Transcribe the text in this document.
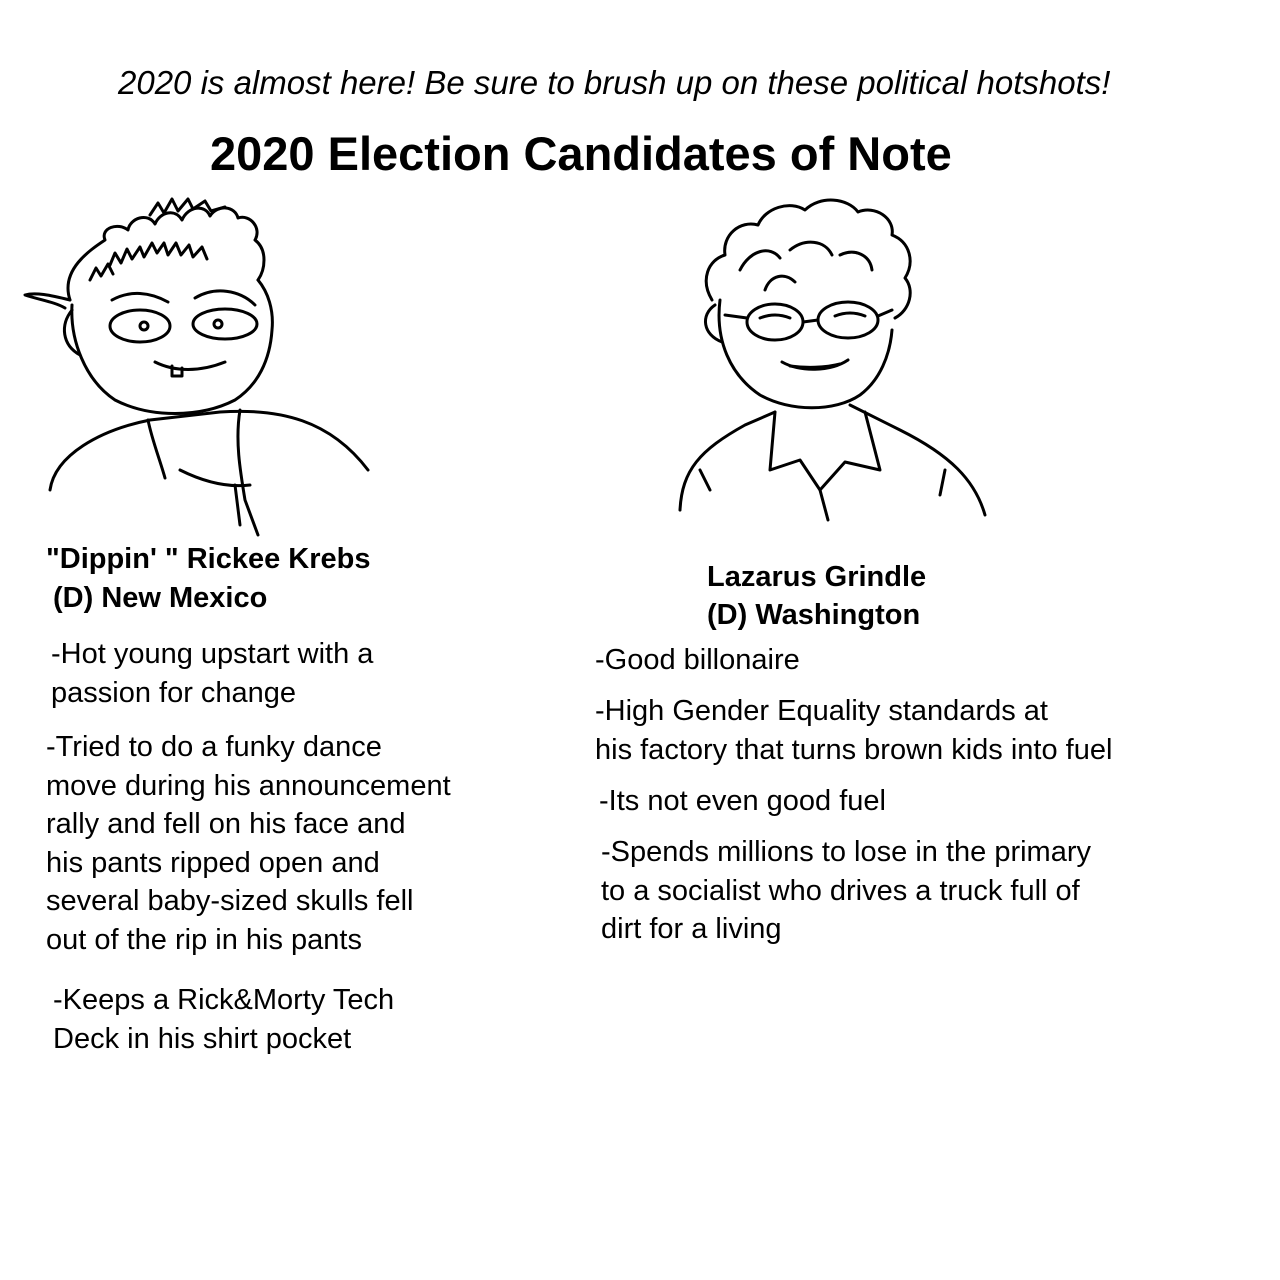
2020 is almost here! Be sure to brush up on these political hotshots!
2020 Election Candidates of Note
"Dippin' " Rickee Krebs
(D) New Mexico
-Hot young upstart with a
passion for change
-Tried to do a funky dance
move during his announcement
rally and fell on his face and
his pants ripped open and
several baby-sized skulls fell
out of the rip in his pants
-Keeps a Rick&Morty Tech
Deck in his shirt pocket
Lazarus Grindle
(D) Washington
-Good billonaire
-High Gender Equality standards at
his factory that turns brown kids into fuel
-Its not even good fuel
-Spends millions to lose in the primary
to a socialist who drives a truck full of
dirt for a living
